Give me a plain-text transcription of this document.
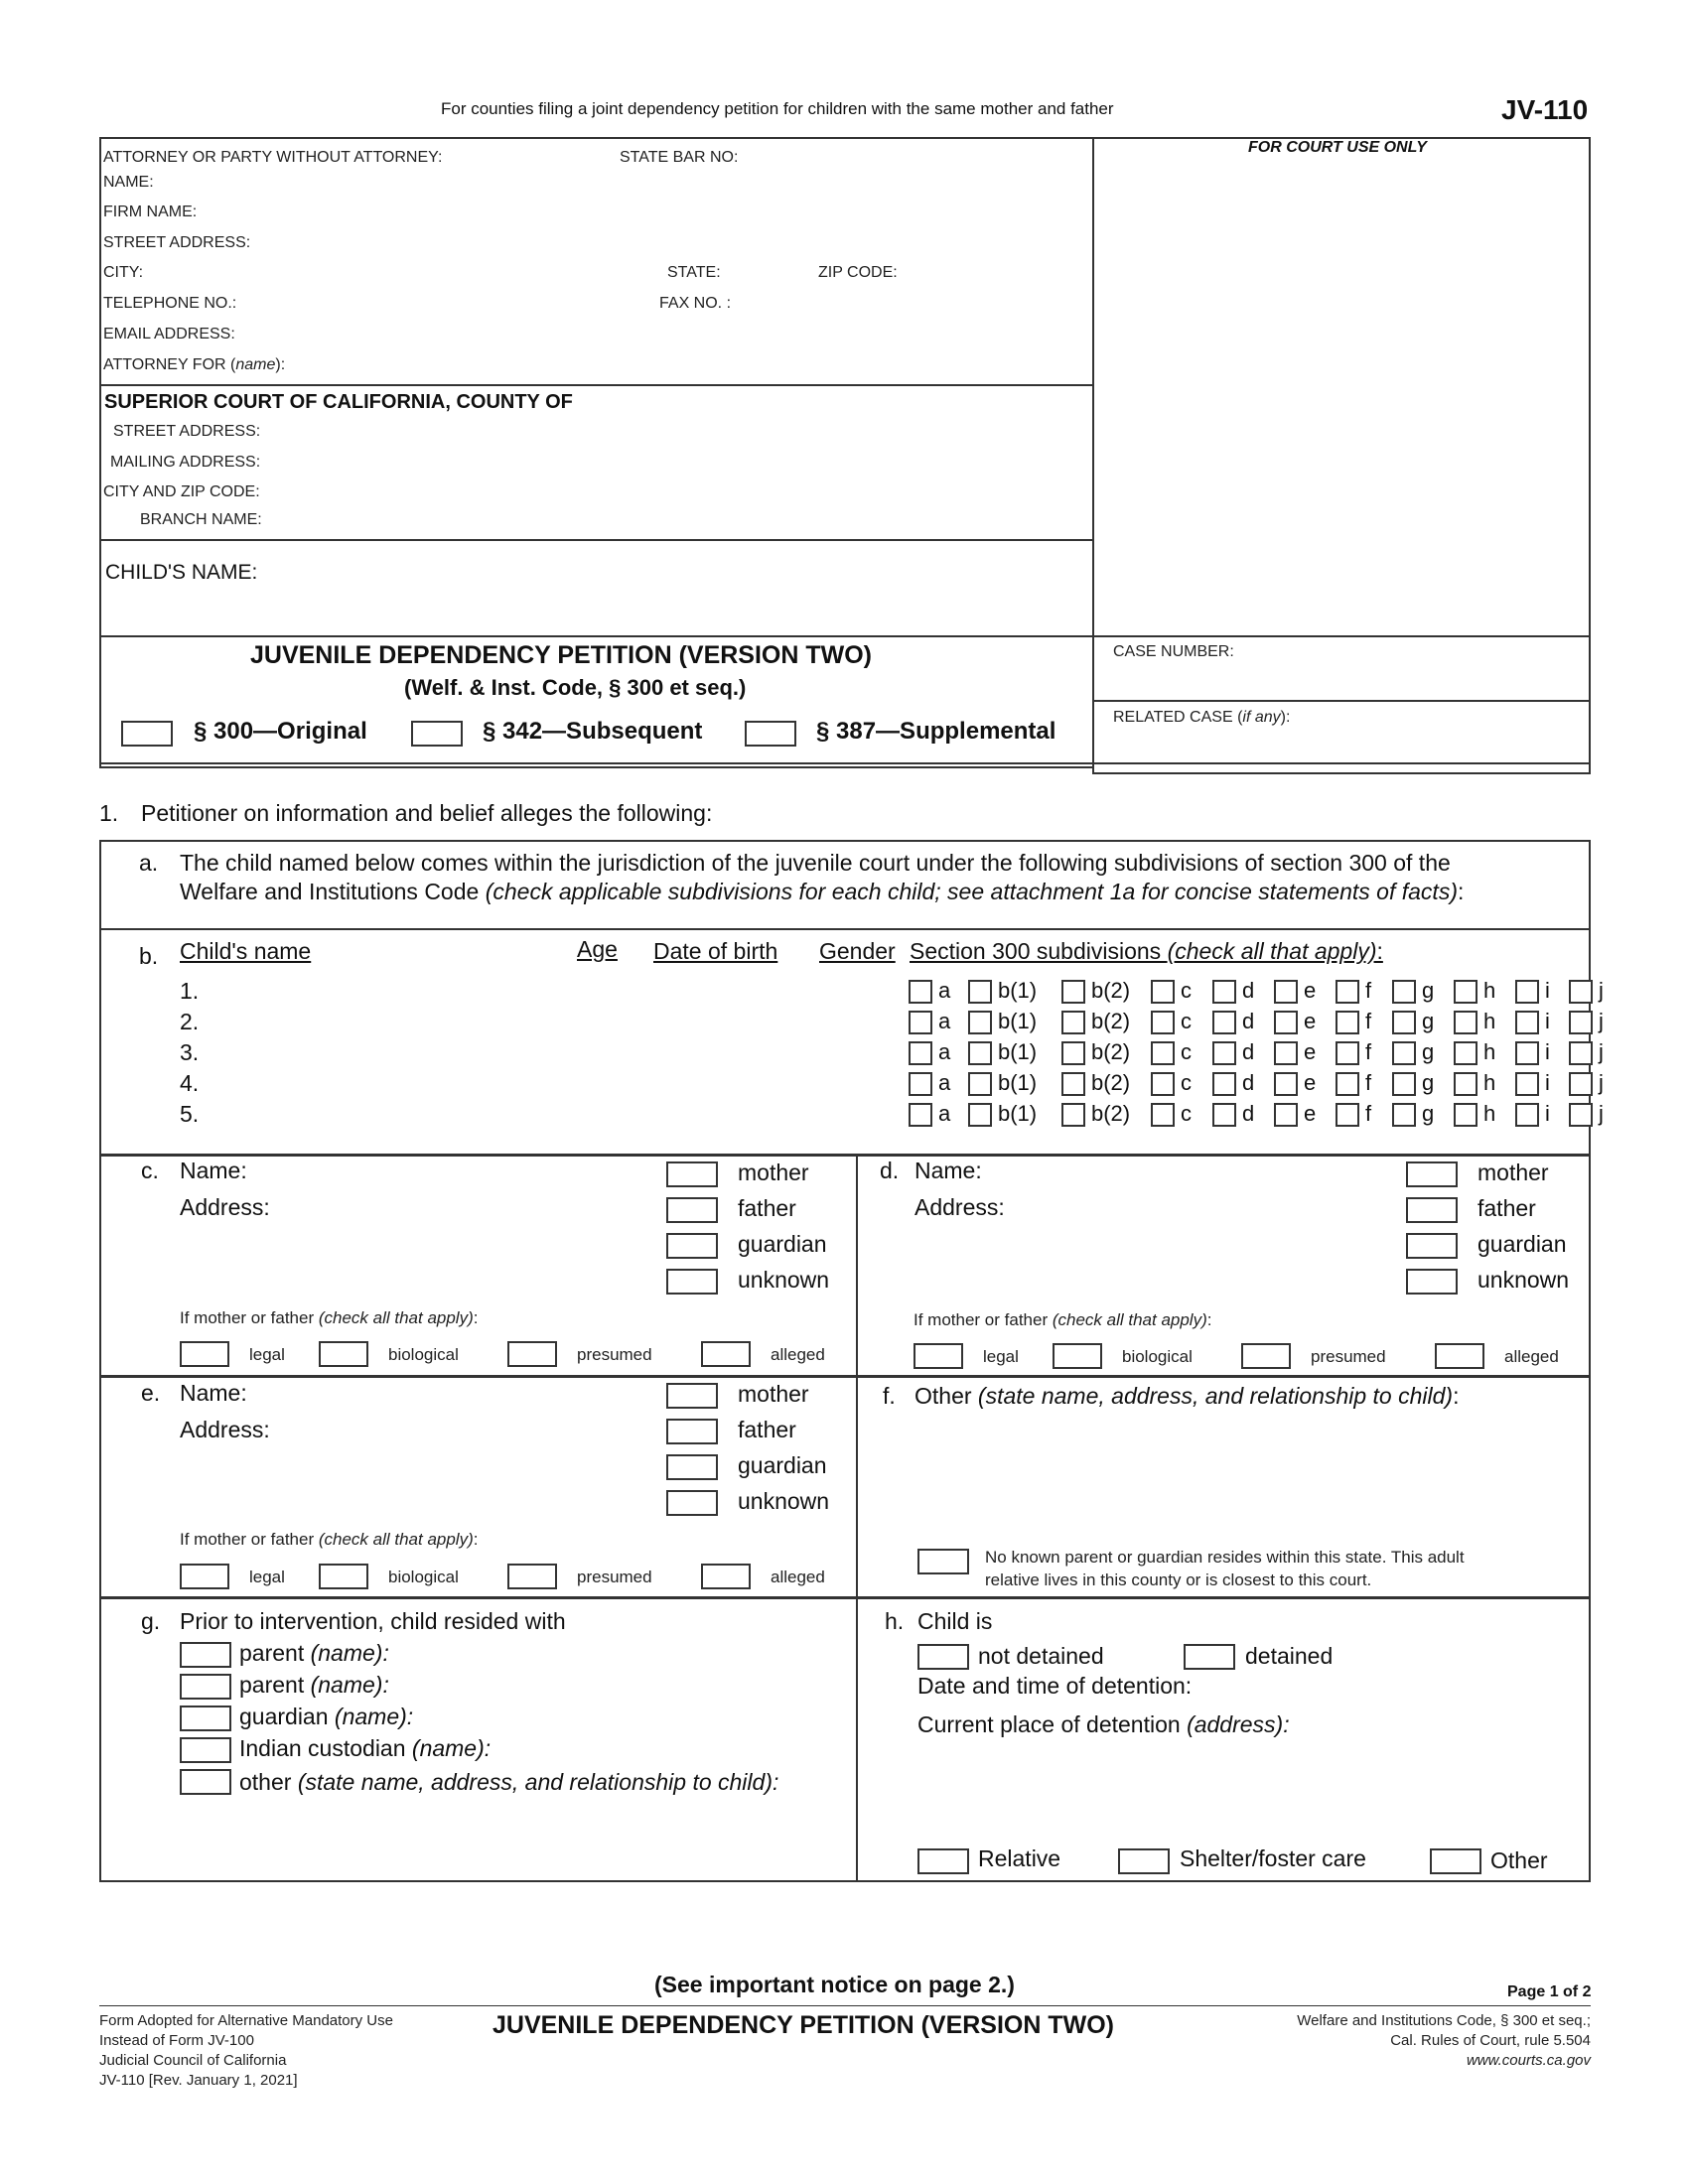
For counties filing a joint dependency petition for children with the same mother and father	JV-110
ATTORNEY OR PARTY WITHOUT ATTORNEY:	STATE BAR NO:
NAME:
FIRM NAME:
STREET ADDRESS:
CITY:	STATE:	ZIP CODE:
TELEPHONE NO.:	FAX NO. :
EMAIL ADDRESS:
ATTORNEY FOR (name):
FOR COURT USE ONLY
SUPERIOR COURT OF CALIFORNIA, COUNTY OF
STREET ADDRESS:
MAILING ADDRESS:
CITY AND ZIP CODE:
BRANCH NAME:
CHILD'S NAME:
JUVENILE DEPENDENCY PETITION (VERSION TWO)
(Welf. & Inst. Code, § 300 et seq.)
§ 300—Original	§ 342—Subsequent	§ 387—Supplemental
CASE NUMBER:
RELATED CASE (if any):
1. Petitioner on information and belief alleges the following:
a. The child named below comes within the jurisdiction of the juvenile court under the following subdivisions of section 300 of the
Welfare and Institutions Code (check applicable subdivisions for each child; see attachment 1a for concise statements of facts):
b. Child's name	Age Date of birth Gender Section 300 subdivisions (check all that apply):
1.	a b(1) b(2) c d e f g h i j
2.	a b(1) b(2) c d e f g h i j
3.	a b(1) b(2) c d e f g h i j
4.	a b(1) b(2) c d e f g h i j
5.	a b(1) b(2) c d e f g h i j
c. Name:
Address:
mother
father
guardian
unknown
If mother or father (check all that apply):
legal	biological	presumed	alleged
d. Name:
Address:
mother
father
guardian
unknown
If mother or father (check all that apply):
legal	biological	presumed	alleged
e. Name:
Address:
mother
father
guardian
unknown
If mother or father (check all that apply):
legal	biological	presumed	alleged
f. Other (state name, address, and relationship to child):
No known parent or guardian resides within this state. This adult
relative lives in this county or is closest to this court.
g. Prior to intervention, child resided with
parent (name):
parent (name):
guardian (name):
Indian custodian (name):
other (state name, address, and relationship to child):
h. Child is
not detained	detained
Date and time of detention:
Current place of detention (address):
Relative	Shelter/foster care	Other
(See important notice on page 2.)	Page 1 of 2
Form Adopted for Alternative Mandatory Use
Instead of Form JV-100
Judicial Council of California
JV-110 [Rev. January 1, 2021]
JUVENILE DEPENDENCY PETITION (VERSION TWO)	Welfare and Institutions Code, § 300 et seq.;
Cal. Rules of Court, rule 5.504
www.courts.ca.gov
